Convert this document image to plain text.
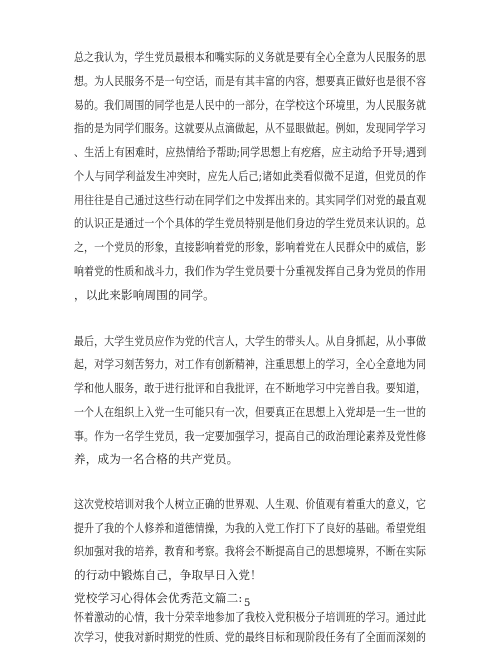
总之我认为，学生党员最根本和嘴实际的义务就是要有全心全意为人民服务的思
想。为人民服务不是一句空话，而是有其丰富的内容，想要真正做好也是很不容
易的。我们周围的同学也是人民中的一部分，在学校这个环境里，为人民服务就
指的是为同学们服务。这就要从点滴做起，从不显眼做起。例如，发现同学学习
、生活上有困难时，应热情给予帮助;同学思想上有疙瘩，应主动给予开导;遇到
个人与同学利益发生冲突时，应先人后己;诸如此类看似微不足道，但党员的作
用往往是自己通过这些行动在同学们之中发挥出来的。其实同学们对党的最直观
的认识正是通过一个个具体的学生党员特别是他们身边的学生党员来认识的。总
之，一个党员的形象，直接影响着党的形象，影响着党在人民群众中的威信，影
响着党的性质和战斗力，我们作为学生党员要十分重视发挥自己身为党员的作用
，以此来影响周围的同学。
最后，大学生党员应作为党的代言人，大学生的带头人。从自身抓起，从小事做
起，对学习刻苦努力，对工作有创新精神，注重思想上的学习，全心全意地为同
学和他人服务，敢于进行批评和自我批评，在不断地学习中完善自我。要知道，
一个人在组织上入党一生可能只有一次，但要真正在思想上入党却是一生一世的
事。作为一名学生党员，我一定要加强学习，提高自己的政治理论素养及党性修
养，成为一名合格的共产党员。
这次党校培训对我个人树立正确的世界观、人生观、价值观有着重大的意义，它
提升了我的个人修养和道德情操，为我的入党工作打下了良好的基础。希望党组
织加强对我的培养，教育和考察。我将会不断提高自己的思想境界，不断在实际
的行动中锻炼自己，争取早日入党！
党校学习心得体会优秀范文篇二:
怀着激动的心情，我十分荣幸地参加了我校入党积极分子培训班的学习。通过此
次学习，使我对新时期党的性质、党的最终目标和现阶段任务有了全面而深刻的
5
